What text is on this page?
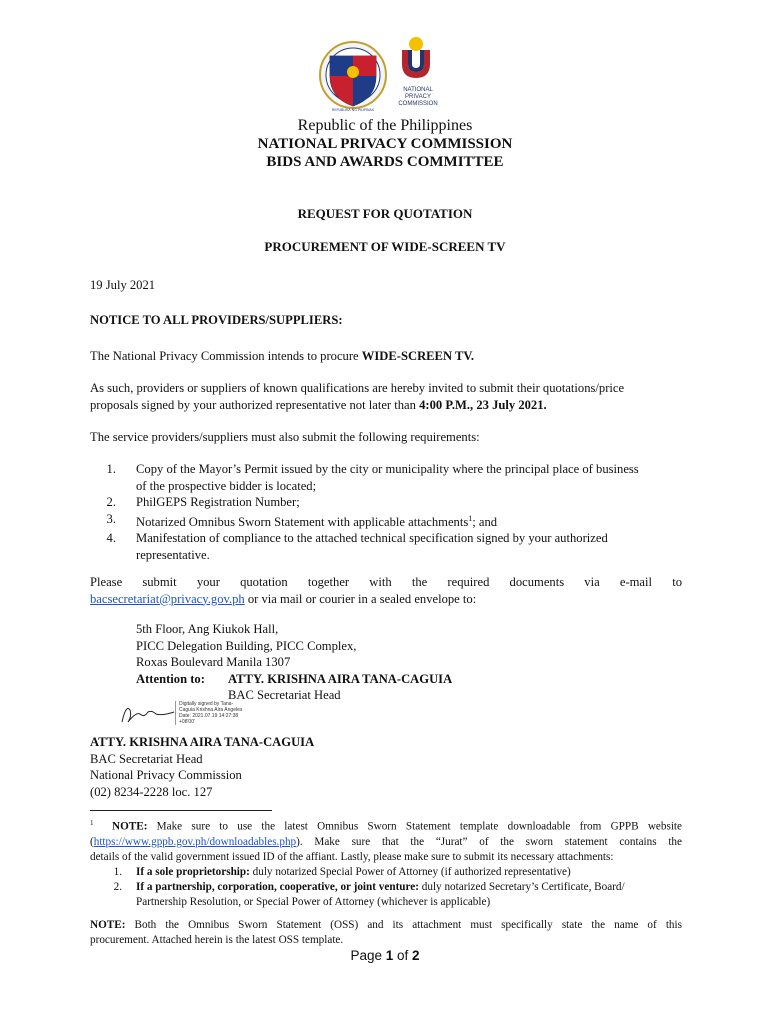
REPUBLIKA NG PILIPINAS
NATIONAL
PRIVACY
COMMISSION
Republic of the Philippines
NATIONAL PRIVACY COMMISSION
BIDS AND AWARDS COMMITTEE
REQUEST FOR QUOTATION
PROCUREMENT OF WIDE-SCREEN TV
19 July 2021
NOTICE TO ALL PROVIDERS/SUPPLIERS:
The National Privacy Commission intends to procure WIDE-SCREEN TV.
As such, providers or suppliers of known qualifications are hereby invited to submit their quotations/price
proposals signed by your authorized representative not later than 4:00 P.M., 23 July 2021.
The service providers/suppliers must also submit the following requirements:
1. Copy of the Mayor’s Permit issued by the city or municipality where the principal place of business
of the prospective bidder is located;
2. PhilGEPS Registration Number;
3. Notarized Omnibus Sworn Statement with applicable attachments$^1$; and
4. Manifestation of compliance to the attached technical specification signed by your authorized
representative.
Please submit your quotation together with the required documents via e-mail to
bacsecretariat@privacy.gov.ph or via mail or courier in a sealed envelope to:
5th Floor, Ang Kiukok Hall,
PICC Delegation Building, PICC Complex,
Roxas Boulevard Manila 1307
Attention to: ATTY. KRISHNA AIRA TANA-CAGUIA
BAC Secretariat Head
Digitally signed by Tana-
Caguia Krishna Aira Angeles
Date: 2021.07.19 14:27:38
+08'00'
ATTY. KRISHNA AIRA TANA-CAGUIA
BAC Secretariat Head
National Privacy Commission
(02) 8234-2228 loc. 127
$^1$ NOTE: Make sure to use the latest Omnibus Sworn Statement template downloadable from GPPB website
(https://www.gppb.gov.ph/downloadables.php). Make sure that the “Jurat” of the sworn statement contains the
details of the valid government issued ID of the affiant. Lastly, please make sure to submit its necessary attachments:
1. If a sole proprietorship: duly notarized Special Power of Attorney (if authorized representative)
2. If a partnership, corporation, cooperative, or joint venture: duly notarized Secretary’s Certificate, Board/
Partnership Resolution, or Special Power of Attorney (whichever is applicable)
NOTE: Both the Omnibus Sworn Statement (OSS) and its attachment must specifically state the name of this
procurement. Attached herein is the latest OSS template.
Page 1 of 2
